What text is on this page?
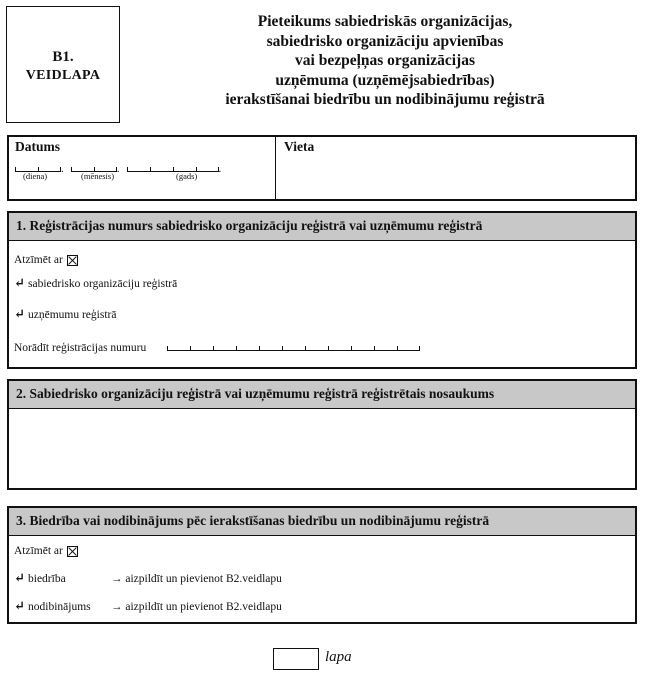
B1.
VEIDLAPA
Pieteikums sabiedriskās organizācijas,
sabiedrisko organizāciju apvienības
vai bezpeļņas organizācijas
uzņēmuma (uzņēmējsabiedrības)
ierakstīšanai biedrību un nodibinājumu reģistrā
Datums
.	.	.
(diena)	(mēnesis)	(gads)
Vieta
1. Reģistrācijas numurs sabiedrisko organizāciju reģistrā vai uzņēmumu reģistrā
Atzīmēt ar
↵ sabiedrisko organizāciju reģistrā
↵ uzņēmumu reģistrā
Norādīt reģistrācijas numuru
2. Sabiedrisko organizāciju reģistrā vai uzņēmumu reģistrā reģistrētais nosaukums
3. Biedrība vai nodibinājums pēc ierakstīšanas biedrību un nodibinājumu reģistrā
Atzīmēt ar
↵ biedrība	→ aizpildīt un pievienot B2.veidlapu
↵ nodibinājums → aizpildīt un pievienot B2.veidlapu
lapa
